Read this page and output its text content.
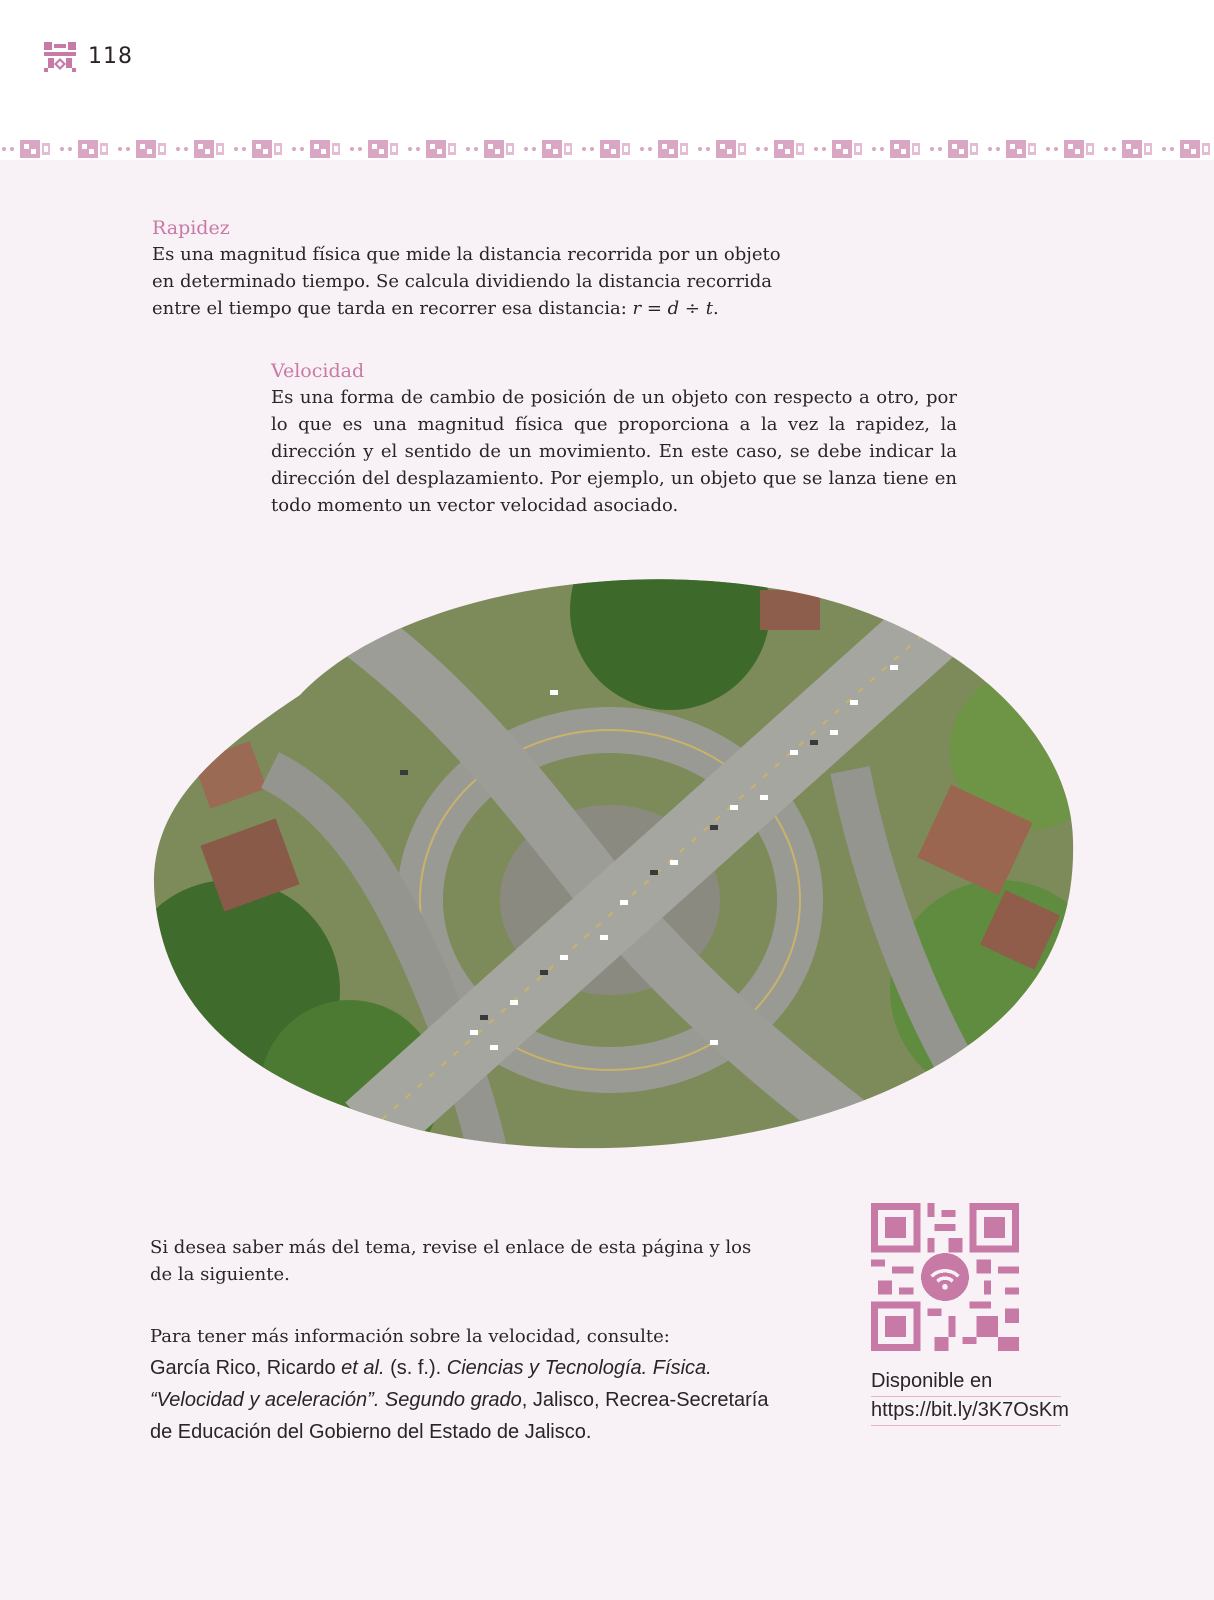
118
Rapidez

Es una magnitud física que mide la distancia recorrida por un objeto en determinado tiempo. Se calcula dividiendo la distancia recorrida entre el tiempo que tarda en recorrer esa distancia: r = d ÷ t.

Velocidad

Es una forma de cambio de posición de un objeto con respecto a otro, por lo que es una magnitud física que proporciona a la vez la rapidez, la dirección y el sentido de un movimiento. En este caso, se debe indicar la dirección del desplazamiento. Por ejemplo, un objeto que se lanza tiene en todo momento un vector velocidad asociado.

Si desea saber más del tema, revise el enlace de esta página y los de la siguiente.

Para tener más información sobre la velocidad, consulte:

García Rico, Ricardo et al. (s. f.). Ciencias y Tecnología. Física. “Velocidad y aceleración”. Segundo grado, Jalisco, Recrea-Secretaría de Educación del Gobierno del Estado de Jalisco.

Disponible en
https://bit.ly/3K7OsKm
